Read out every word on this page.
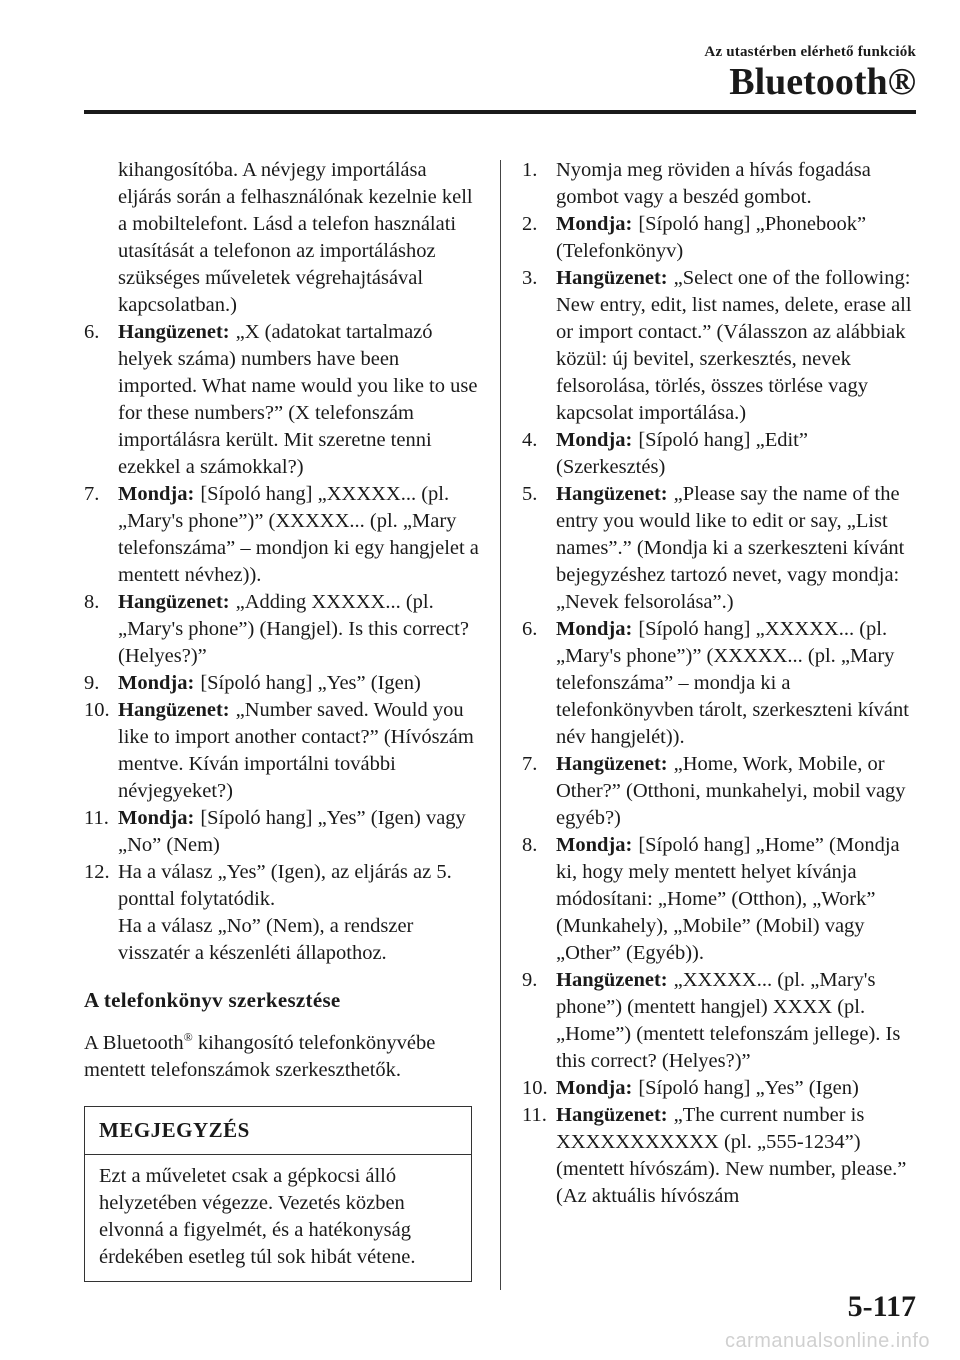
Az utastérben elérhető funkciók
Bluetooth®

kihangosítóba. A névjegy importálása eljárás során a felhasználónak kezelnie kell a mobiltelefont. Lásd a telefon használati utasítását a telefonon az importáláshoz szükséges műveletek végrehajtásával kapcsolatban.)

6. Hangüzenet: „X (adatokat tartalmazó helyek száma) numbers have been imported. What name would you like to use for these numbers?” (X telefonszám importálásra került. Mit szeretne tenni ezekkel a számokkal?)
7. Mondja: [Sípoló hang] „XXXXX... (pl. „Mary's phone”)” (XXXXX... (pl. „Mary telefonszáma” – mondjon ki egy hangjelet a mentett névhez)).
8. Hangüzenet: „Adding XXXXX... (pl. „Mary's phone”) (Hangjel). Is this correct? (Helyes?)”
9. Mondja: [Sípoló hang] „Yes” (Igen)
10. Hangüzenet: „Number saved. Would you like to import another contact?” (Hívószám mentve. Kíván importálni további névjegyeket?)
11. Mondja: [Sípoló hang] „Yes” (Igen) vagy „No” (Nem)
12. Ha a válasz „Yes” (Igen), az eljárás az 5. ponttal folytatódik.
Ha a válasz „No” (Nem), a rendszer visszatér a készenléti állapothoz.
A telefonkönyv szerkesztése

A Bluetooth® kihangosító telefonkönyvébe mentett telefonszámok szerkeszthetők.

MEGJEGYZÉS
Ezt a műveletet csak a gépkocsi álló helyzetében végezze. Vezetés közben elvonná a figyelmét, és a hatékonyság érdekében esetleg túl sok hibát vétene.
1. Nyomja meg röviden a hívás fogadása gombot vagy a beszéd gombot.
2. Mondja: [Sípoló hang] „Phonebook” (Telefonkönyv)
3. Hangüzenet: „Select one of the following: New entry, edit, list names, delete, erase all or import contact.” (Válasszon az alábbiak közül: új bevitel, szerkesztés, nevek felsorolása, törlés, összes törlése vagy kapcsolat importálása.)
4. Mondja: [Sípoló hang] „Edit” (Szerkesztés)
5. Hangüzenet: „Please say the name of the entry you would like to edit or say, „List names”.” (Mondja ki a szerkeszteni kívánt bejegyzéshez tartozó nevet, vagy mondja: „Nevek felsorolása”.)
6. Mondja: [Sípoló hang] „XXXXX... (pl. „Mary's phone”)” (XXXXX... (pl. „Mary telefonszáma” – mondja ki a telefonkönyvben tárolt, szerkeszteni kívánt név hangjelét)).
7. Hangüzenet: „Home, Work, Mobile, or Other?” (Otthoni, munkahelyi, mobil vagy egyéb?)
8. Mondja: [Sípoló hang] „Home” (Mondja ki, hogy mely mentett helyet kívánja módosítani: „Home” (Otthon), „Work” (Munkahely), „Mobile” (Mobil) vagy „Other” (Egyéb)).
9. Hangüzenet: „XXXXX... (pl. „Mary's phone”) (mentett hangjel) XXXX (pl. „Home”) (mentett telefonszám jellege). Is this correct? (Helyes?)”
10. Mondja: [Sípoló hang] „Yes” (Igen)
11. Hangüzenet: „The current number is XXXXXXXXXXX (pl. „555-1234”) (mentett hívószám). New number, please.” (Az aktuális hívószám
5-117
carmanualsonline.info
